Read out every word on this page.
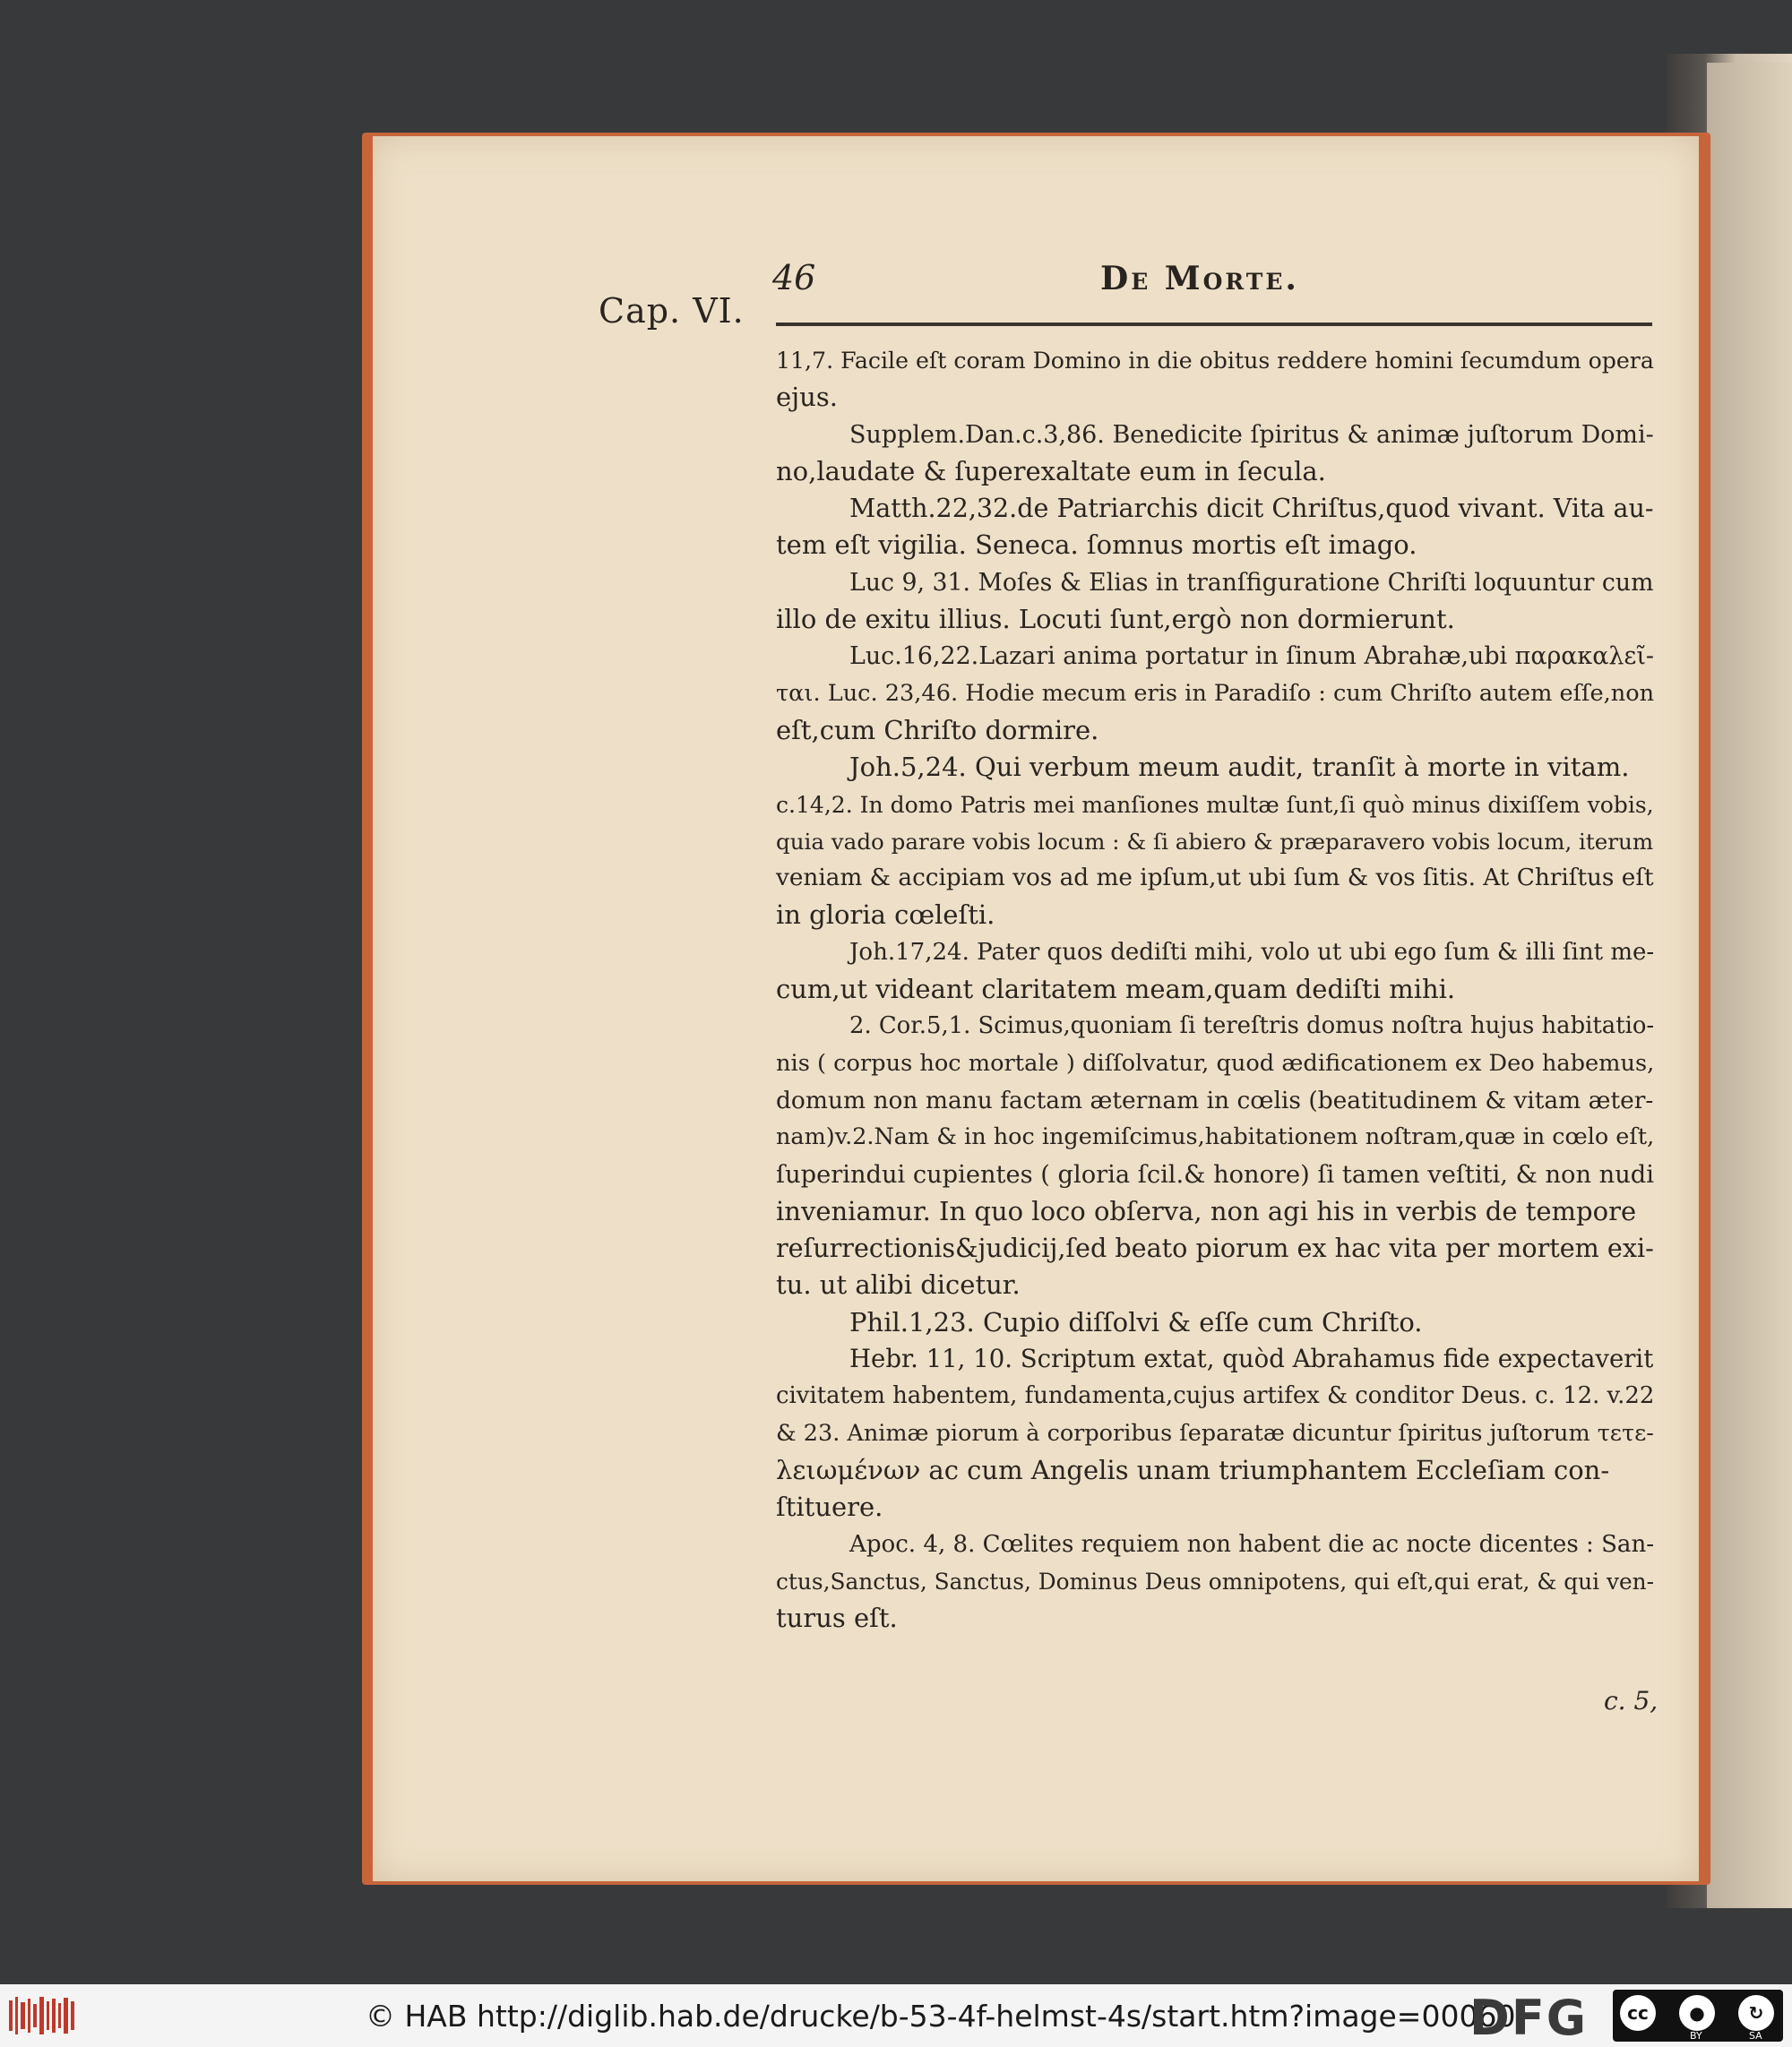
Cap. VI.
46	De Morte.
11,7. Facile eſt coram Domino in die obitus reddere homini ſecumdum opera
ejus.
Supplem.Dan.c.3,86. Benedicite ſpiritus & animæ juſtorum Domi-
no,laudate & ſuperexaltate eum in ſecula.
Matth.22,32.de Patriarchis dicit Chriſtus,quod vivant. Vita au-
tem eſt vigilia. Seneca. ſomnus mortis eſt imago.
Luc 9, 31. Moſes & Elias in tranſfiguratione Chriſti loquuntur cum
illo de exitu illius. Locuti ſunt,ergò non dormierunt.
Luc.16,22.Lazari anima portatur in ſinum Abrahæ,ubi παρακαλεῖ-
ται. Luc. 23,46. Hodie mecum eris in Paradiſo : cum Chriſto autem eſſe,non
eſt,cum Chriſto dormire.
Joh.5,24. Qui verbum meum audit, tranſit à morte in vitam.
c.14,2. In domo Patris mei manſiones multæ ſunt,ſi quò minus dixiſſem vobis,
quia vado parare vobis locum : & ſi abiero & præparavero vobis locum, iterum
veniam & accipiam vos ad me ipſum,ut ubi ſum & vos ſitis. At Chriſtus eſt
in gloria cœleſti.
Joh.17,24. Pater quos dediſti mihi, volo ut ubi ego ſum & illi ſint me-
cum,ut videant claritatem meam,quam dediſti mihi.
2. Cor.5,1. Scimus,quoniam ſi tereſtris domus noſtra hujus habitatio-
nis ( corpus hoc mortale ) diſſolvatur, quod ædificationem ex Deo habemus,
domum non manu factam æternam in cœlis (beatitudinem & vitam æter-
nam)v.2.Nam & in hoc ingemiſcimus,habitationem noſtram,quæ in cœlo eſt,
ſuperindui cupientes ( gloria ſcil.& honore) ſi tamen veſtiti, & non nudi
inveniamur. In quo loco obſerva, non agi his in verbis de tempore
reſurrectionis&judicij,ſed beato piorum ex hac vita per mortem exi-
tu. ut alibi dicetur.
Phil.1,23. Cupio diſſolvi & eſſe cum Chriſto.
Hebr. 11, 10. Scriptum extat, quòd Abrahamus fide expectaverit
civitatem habentem, fundamenta,cujus artifex & conditor Deus. c. 12. v.22
& 23. Animæ piorum à corporibus ſeparatæ dicuntur ſpiritus juſtorum τετε-
λειωμένων ac cum Angelis unam triumphantem Eccleſiam con-
ſtituere.
Apoc. 4, 8. Cœlites requiem non habent die ac nocte dicentes : San-
ctus,Sanctus, Sanctus, Dominus Deus omnipotens, qui eſt,qui erat, & qui ven-
turus eſt.
c. 5,
© HAB http://diglib.hab.de/drucke/b-53-4f-helmst-4s/start.htm?image=00060
DFG	cc	●	↻
BY	SA
